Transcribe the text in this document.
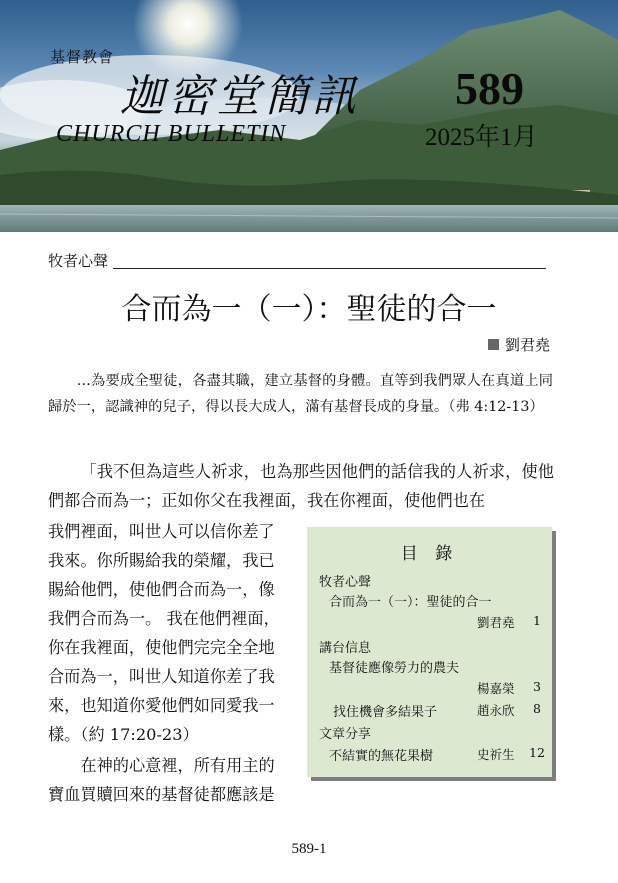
基督教會
迦密堂簡訊
CHURCH BULLETIN
589
2025年1月
牧者心聲
合而為一（一）：聖徒的合一
劉君堯
…為要成全聖徒，各盡其職，建立基督的身體。直等到我們眾人在真道上同歸於一，認識神的兒子，得以長大成人，滿有基督長成的身量。（弗 4:12-13）
「我不但為這些人祈求，也為那些因他們的話信我的人祈求，使他們都合而為一；正如你父在我裡面，我在你裡面，使他們也在
我們裡面，叫世人可以信你差了
我來。你所賜給我的榮耀，我已
賜給他們，使他們合而為一，像
我們合而為一。 我在他們裡面，
你在我裡面，使他們完完全全地
合而為一，叫世人知道你差了我
來，也知道你愛他們如同愛我一
樣。（約 17:20-23）
在神的心意裡，所有用主的
寶血買贖回來的基督徒都應該是
目 錄
牧者心聲
合而為一（一）：聖徒的合一
劉君堯 1
講台信息
基督徒應像勞力的農夫
楊嘉榮 3
找住機會多結果子	趙永欣 8
文章分享
不結實的無花果樹	史祈生 12
589-1
